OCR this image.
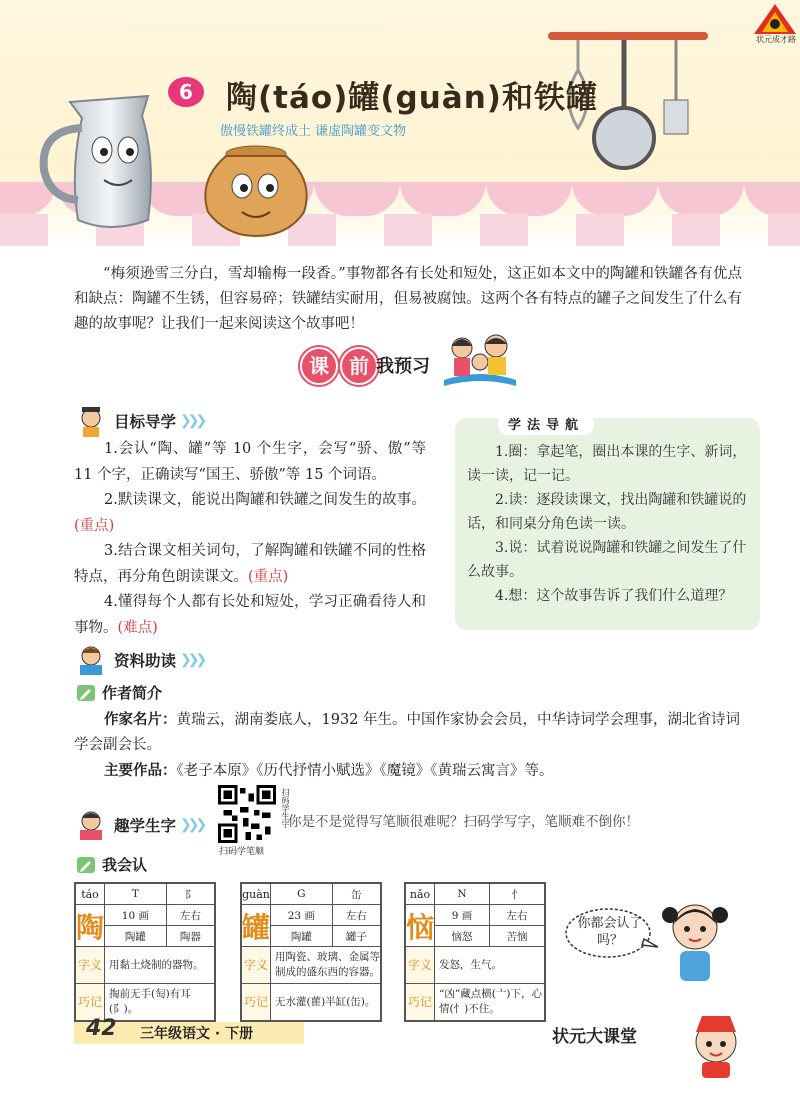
状元成才路
6	陶(táo)罐(guàn)和铁罐
傲慢铁罐终成土 谦虚陶罐变文物
“梅须逊雪三分白，雪却输梅一段香。”事物都各有长处和短处，这正如本文中的陶罐和铁罐各有优点和缺点：陶罐不生锈，但容易碎；铁罐结实耐用，但易被腐蚀。这两个各有特点的罐子之间发生了什么有趣的故事呢？让我们一起来阅读这个故事吧！
课 前 我预习
目标导学 ❯❯❯
1.会认“陶、罐”等 10 个生字，会写“骄、傲”等 11 个字，正确读写“国王、骄傲”等 15 个词语。
2.默读课文，能说出陶罐和铁罐之间发生的故事。(重点)
3.结合课文相关词句，了解陶罐和铁罐不同的性格特点，再分角色朗读课文。(重点)
4.懂得每个人都有长处和短处，学习正确看待人和事物。(难点)
学法导航
1.圈：拿起笔，圈出本课的生字、新词，读一读，记一记。
2.读：逐段读课文，找出陶罐和铁罐说的话，和同桌分角色读一读。
3.说：试着说说陶罐和铁罐之间发生了什么故事。
4.想：这个故事告诉了我们什么道理？
资料助读 ❯❯❯
作者简介
作家名片：黄瑞云，湖南娄底人，1932 年生。中国作家协会会员，中华诗词学会理事，湖北省诗词学会副会长。
主要作品：《老子本原》《历代抒情小赋选》《魔镜》《黄瑞云寓言》等。
趣学生字 ❯❯❯	扫码学生字
扫码学笔顺
你是不是觉得写笔顺很难呢？扫码学写字，笔顺难不倒你！
我会认
táo	T	阝
陶	10 画	左右
	陶罐	陶器
字义	用黏土烧制的器物。	
巧记	掏前无手(匋)有耳(阝)。	
guàn	G	缶
罐	23 画	左右
	陶罐	罐子
字义	用陶瓷、玻璃、金属等制成的盛东西的容器。	
巧记	无水灌(雚)半缸(缶)。	
nǎo	N	忄
恼	9 画	左右
	恼怒	苦恼
字义	发怒，生气。	
巧记	“凶”藏点横(亠)下，心情(忄)不住。	
你都会认了吗？
42 三年级语文 · 下册	状元大课堂
